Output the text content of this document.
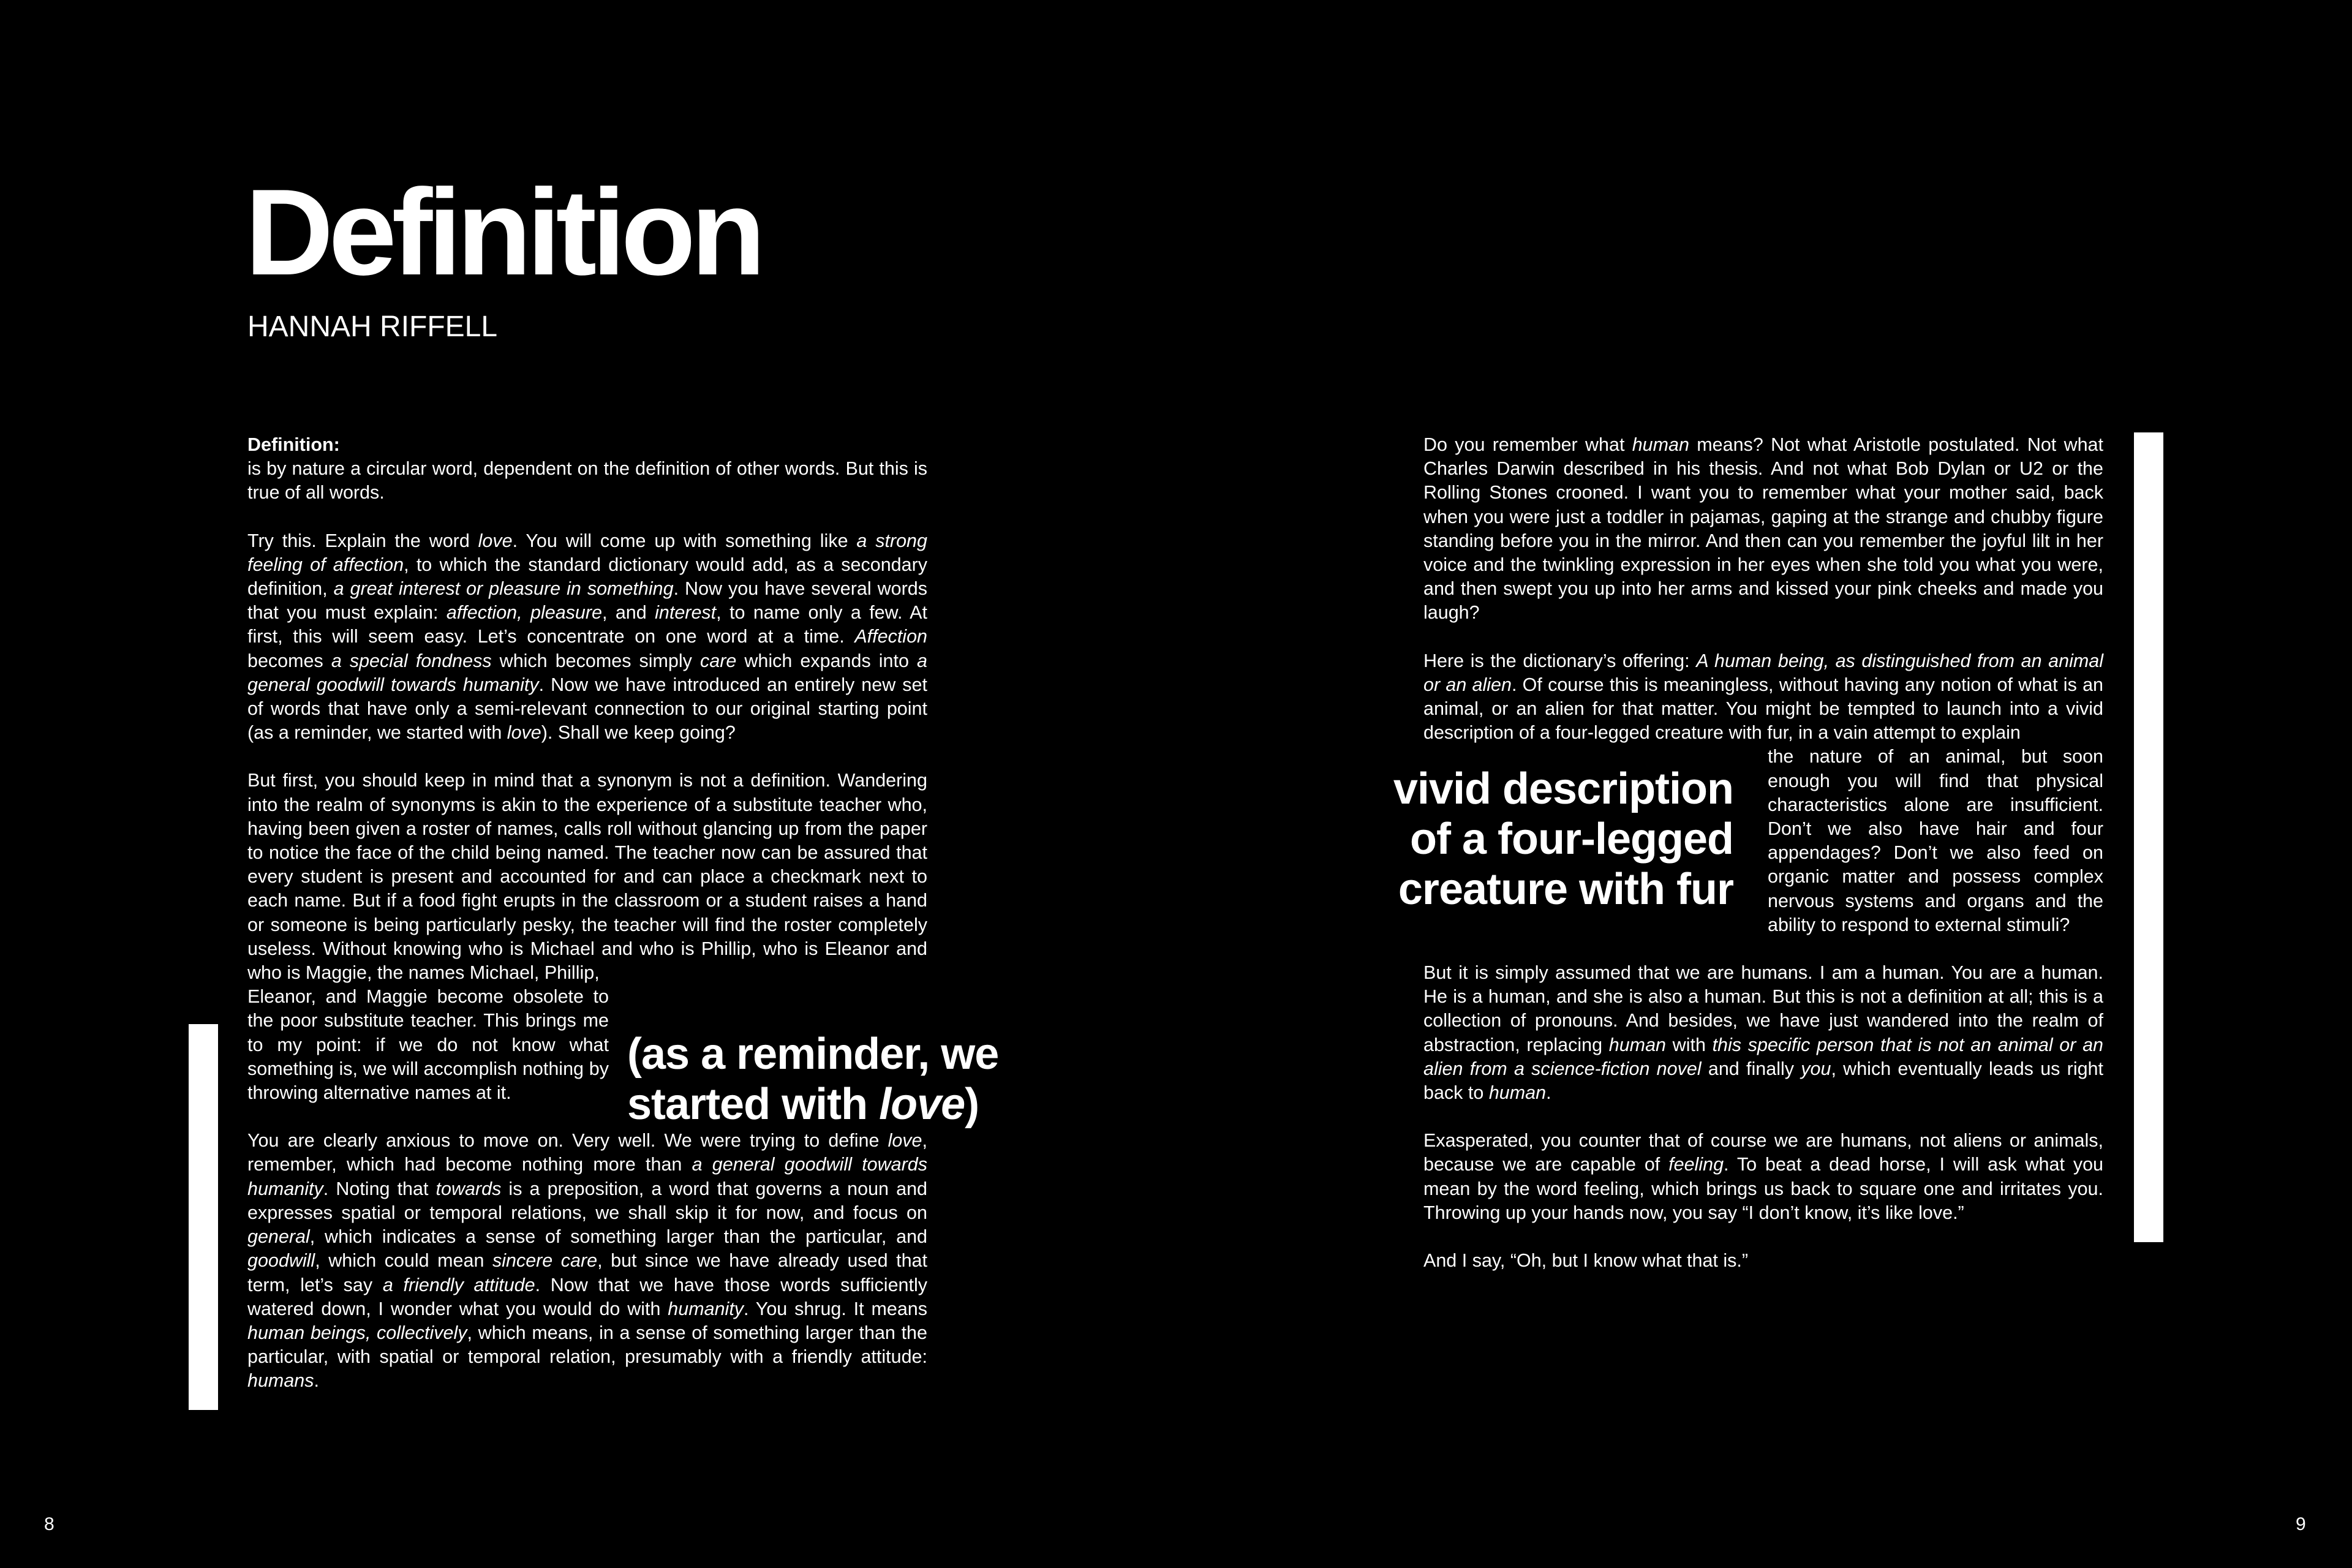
Definition
HANNAH RIFFELL

Definition:
is by nature a circular word, dependent on the definition of other words. But this is true of all words.

Try this. Explain the word love. You will come up with something like a strong feeling of affection, to which the standard dictionary would add, as a secondary definition, a great interest or pleasure in something. Now you have several words that you must explain: affection, pleasure, and interest, to name only a few. At first, this will seem easy. Let’s concentrate on one word at a time. Affection becomes a special fondness which becomes simply care which expands into a general goodwill towards humanity. Now we have introduced an entirely new set of words that have only a semi-relevant connection to our original starting point (as a reminder, we started with love). Shall we keep going?

But first, you should keep in mind that a synonym is not a definition. Wandering into the realm of synonyms is akin to the experience of a substitute teacher who, having been given a roster of names, calls roll without glancing up from the paper to notice the face of the child being named. The teacher now can be assured that every student is present and accounted for and can place a checkmark next to each name. But if a food fight erupts in the classroom or a student raises a hand or someone is being particularly pesky, the teacher will find the roster completely useless. Without knowing who is Michael and who is Phillip, who is Eleanor and who is Maggie, the names Michael, Phillip,
Eleanor, and Maggie become obsolete to the poor substitute teacher. This brings me to my point: if we do not know what something is, we will accomplish nothing by throwing alternative names at it.

You are clearly anxious to move on. Very well. We were trying to define love, remember, which had become nothing more than a general goodwill towards humanity. Noting that towards is a preposition, a word that governs a noun and expresses spatial or temporal relations, we shall skip it for now, and focus on general, which indicates a sense of something larger than the particular, and goodwill, which could mean sincere care, but since we have already used that term, let’s say a friendly attitude. Now that we have those words sufficiently watered down, I wonder what you would do with humanity. You shrug. It means human beings, collectively, which means, in a sense of something larger than the particular, with spatial or temporal relation, presumably with a friendly attitude: humans.

(as a reminder, we
started with love)

Do you remember what human means? Not what Aristotle postulated. Not what Charles Darwin described in his thesis. And not what Bob Dylan or U2 or the Rolling Stones crooned. I want you to remember what your mother said, back when you were just a toddler in pajamas, gaping at the strange and chubby figure standing before you in the mirror. And then can you remember the joyful lilt in her voice and the twinkling expression in her eyes when she told you what you were, and then swept you up into her arms and kissed your pink cheeks and made you laugh?

Here is the dictionary’s offering: A human being, as distinguished from an animal or an alien. Of course this is meaningless, without having any notion of what is an animal, or an alien for that matter. You might be tempted to launch into a vivid description of a four-legged creature with fur, in a vain attempt to explain
the nature of an animal, but soon enough you will find that physical characteristics alone are insufficient. Don’t we also have hair and four appendages? Don’t we also feed on organic matter and possess complex nervous systems and organs and the ability to respond to external stimuli?

But it is simply assumed that we are humans. I am a human. You are a human. He is a human, and she is also a human. But this is not a definition at all; this is a collection of pronouns. And besides, we have just wandered into the realm of abstraction, replacing human with this specific person that is not an animal or an alien from a science-fiction novel and finally you, which eventually leads us right back to human.

Exasperated, you counter that of course we are humans, not aliens or animals, because we are capable of feeling. To beat a dead horse, I will ask what you mean by the word feeling, which brings us back to square one and irritates you. Throwing up your hands now, you say “I don’t know, it’s like love.”

And I say, “Oh, but I know what that is.”

vivid description
of a four-legged
creature with fur
8	9
